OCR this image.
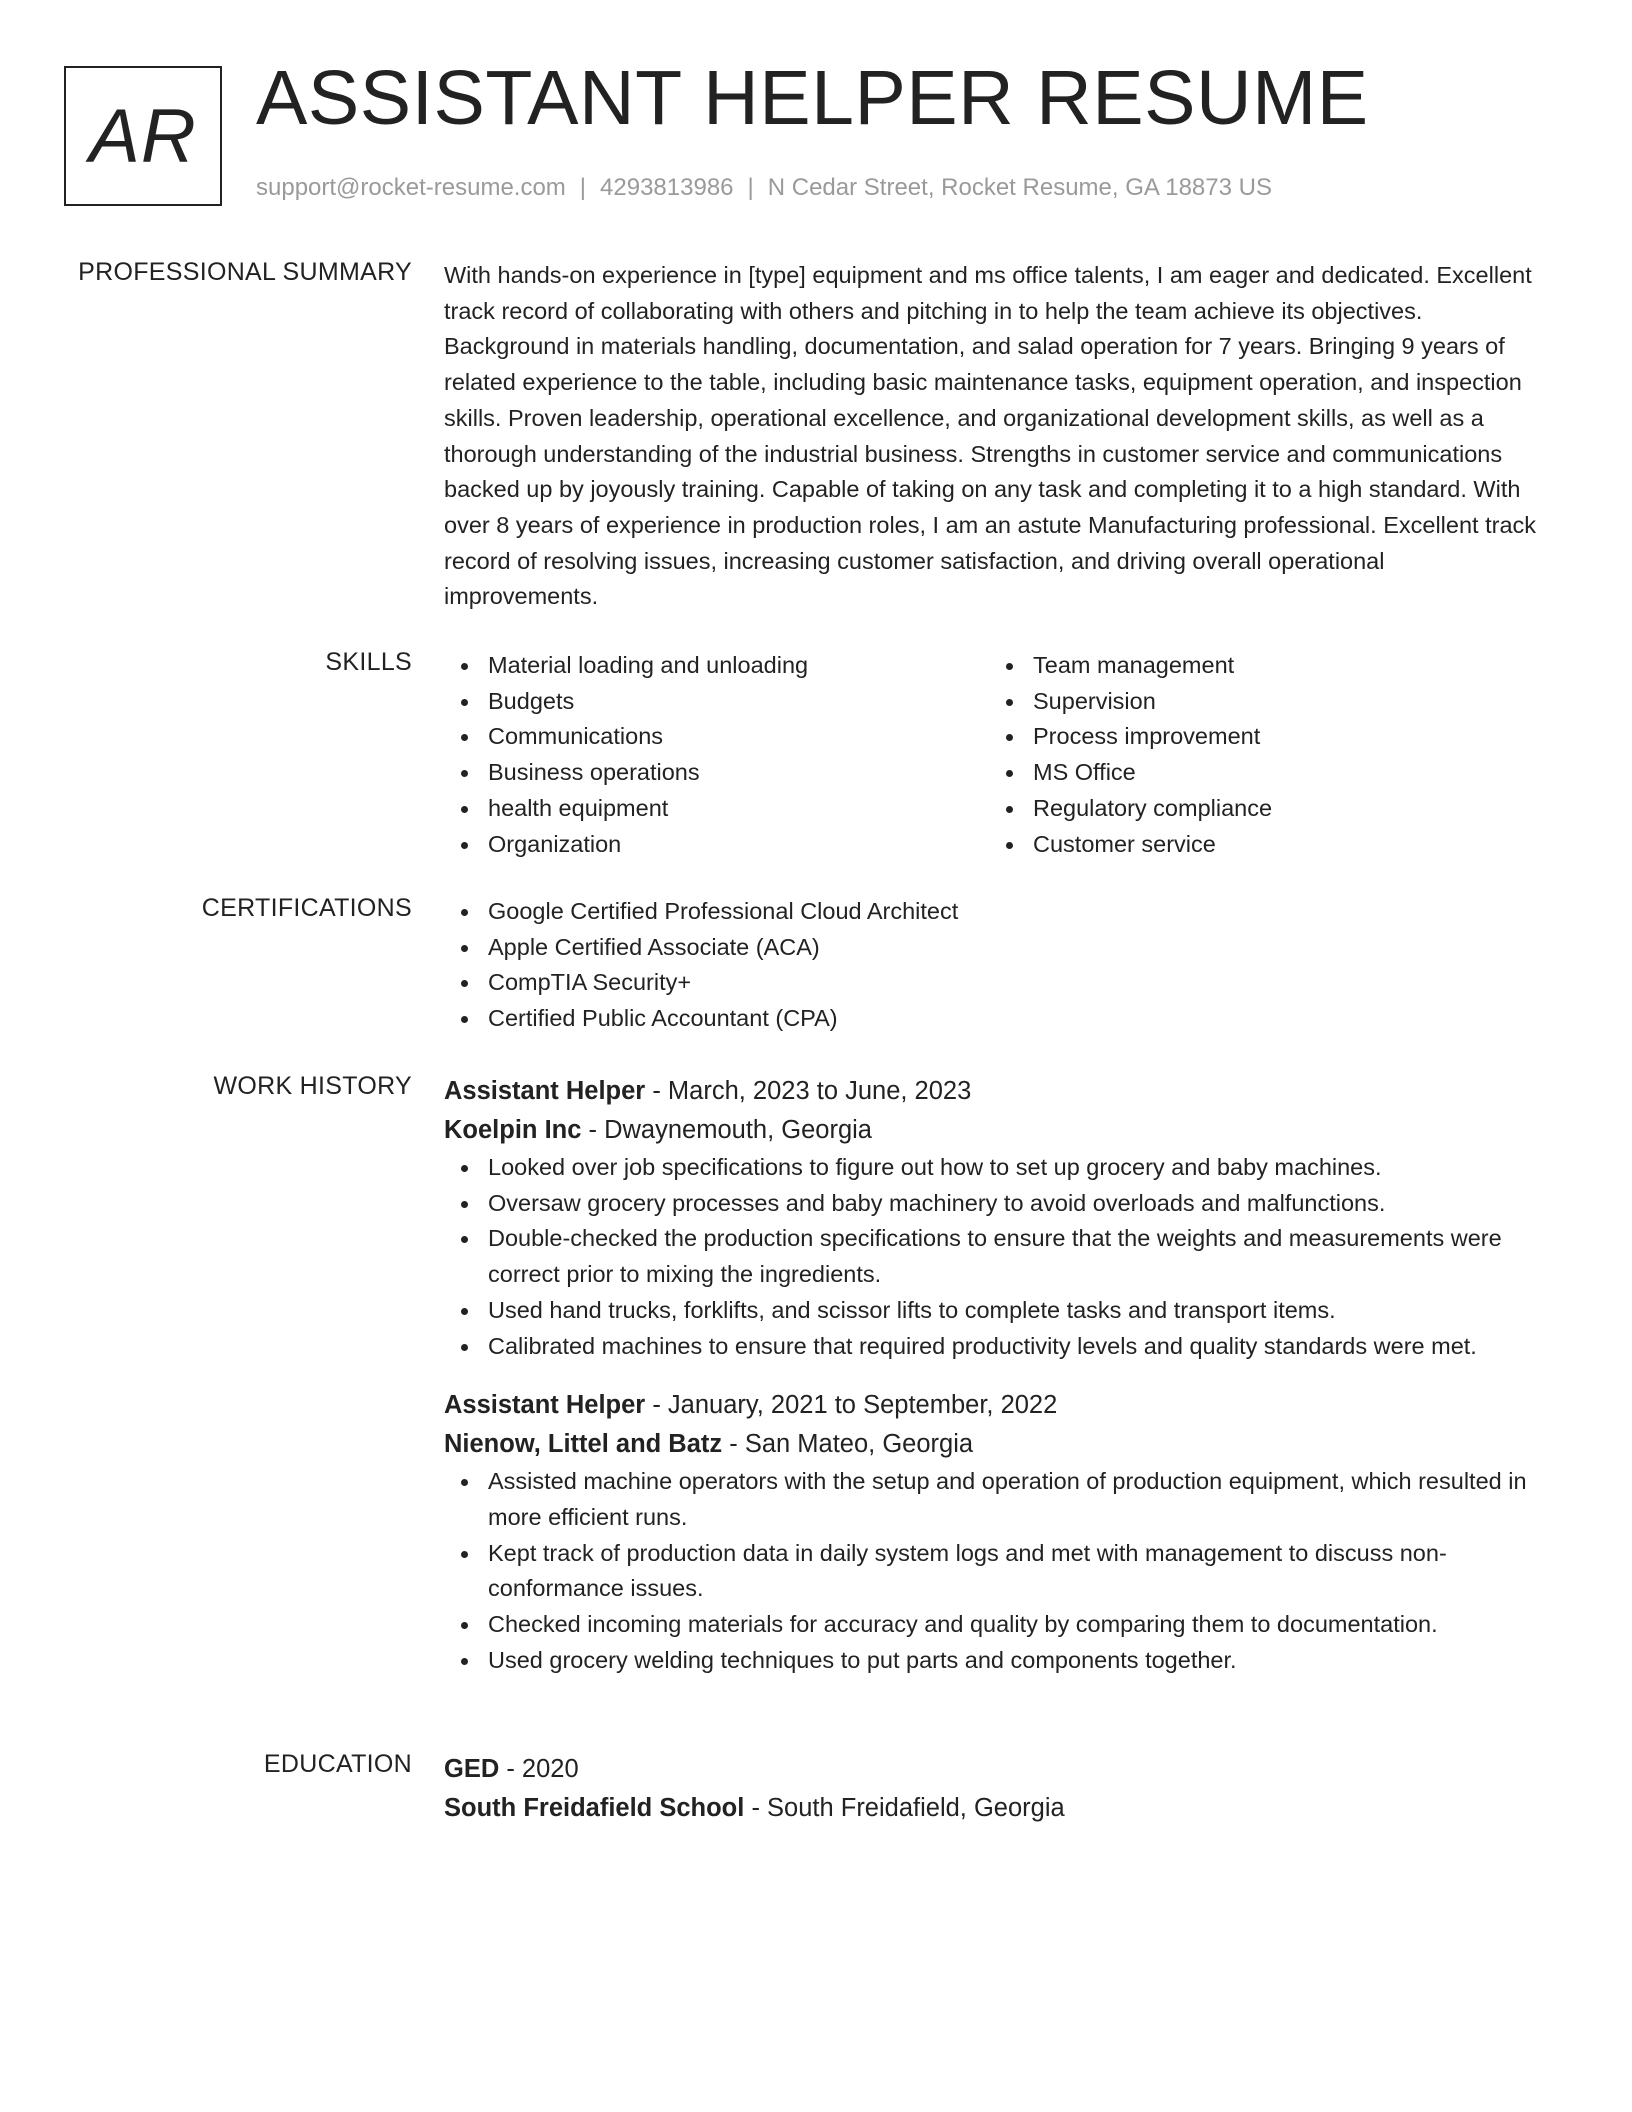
AR ASSISTANT HELPER RESUME
support@rocket-resume.com | 4293813986 | N Cedar Street, Rocket Resume, GA 18873 US
PROFESSIONAL SUMMARY With hands-on experience in [type] equipment and ms office talents, I am eager and dedicated. Excellent track record of collaborating with others and pitching in to help the team achieve its objectives. Background in materials handling, documentation, and salad operation for 7 years. Bringing 9 years of related experience to the table, including basic maintenance tasks, equipment operation, and inspection skills. Proven leadership, operational excellence, and organizational development skills, as well as a thorough understanding of the industrial business. Strengths in customer service and communications backed up by joyously training. Capable of taking on any task and completing it to a high standard. With over 8 years of experience in production roles, I am an astute Manufacturing professional. Excellent track record of resolving issues, increasing customer satisfaction, and driving overall operational improvements.

SKILLS	Material loading and unloading
Budgets
Communications
Business operations
health equipment
Organization
Team management
Supervision
Process improvement
MS Office
Regulatory compliance
Customer service
CERTIFICATIONS	Google Certified Professional Cloud Architect
Apple Certified Associate (ACA)
CompTIA Security+
Certified Public Accountant (CPA)
WORK HISTORY Assistant Helper - March, 2023 to June, 2023
Koelpin Inc - Dwaynemouth, Georgia
Looked over job specifications to figure out how to set up grocery and baby machines.
Oversaw grocery processes and baby machinery to avoid overloads and malfunctions.
Double-checked the production specifications to ensure that the weights and measurements were correct prior to mixing the ingredients.
Used hand trucks, forklifts, and scissor lifts to complete tasks and transport items.
Calibrated machines to ensure that required productivity levels and quality standards were met.
Assistant Helper - January, 2021 to September, 2022
Nienow, Littel and Batz - San Mateo, Georgia
Assisted machine operators with the setup and operation of production equipment, which resulted in more efficient runs.
Kept track of production data in daily system logs and met with management to discuss non-conformance issues.
Checked incoming materials for accuracy and quality by comparing them to documentation.
Used grocery welding techniques to put parts and components together.
EDUCATION GED - 2020
South Freidafield School - South Freidafield, Georgia
